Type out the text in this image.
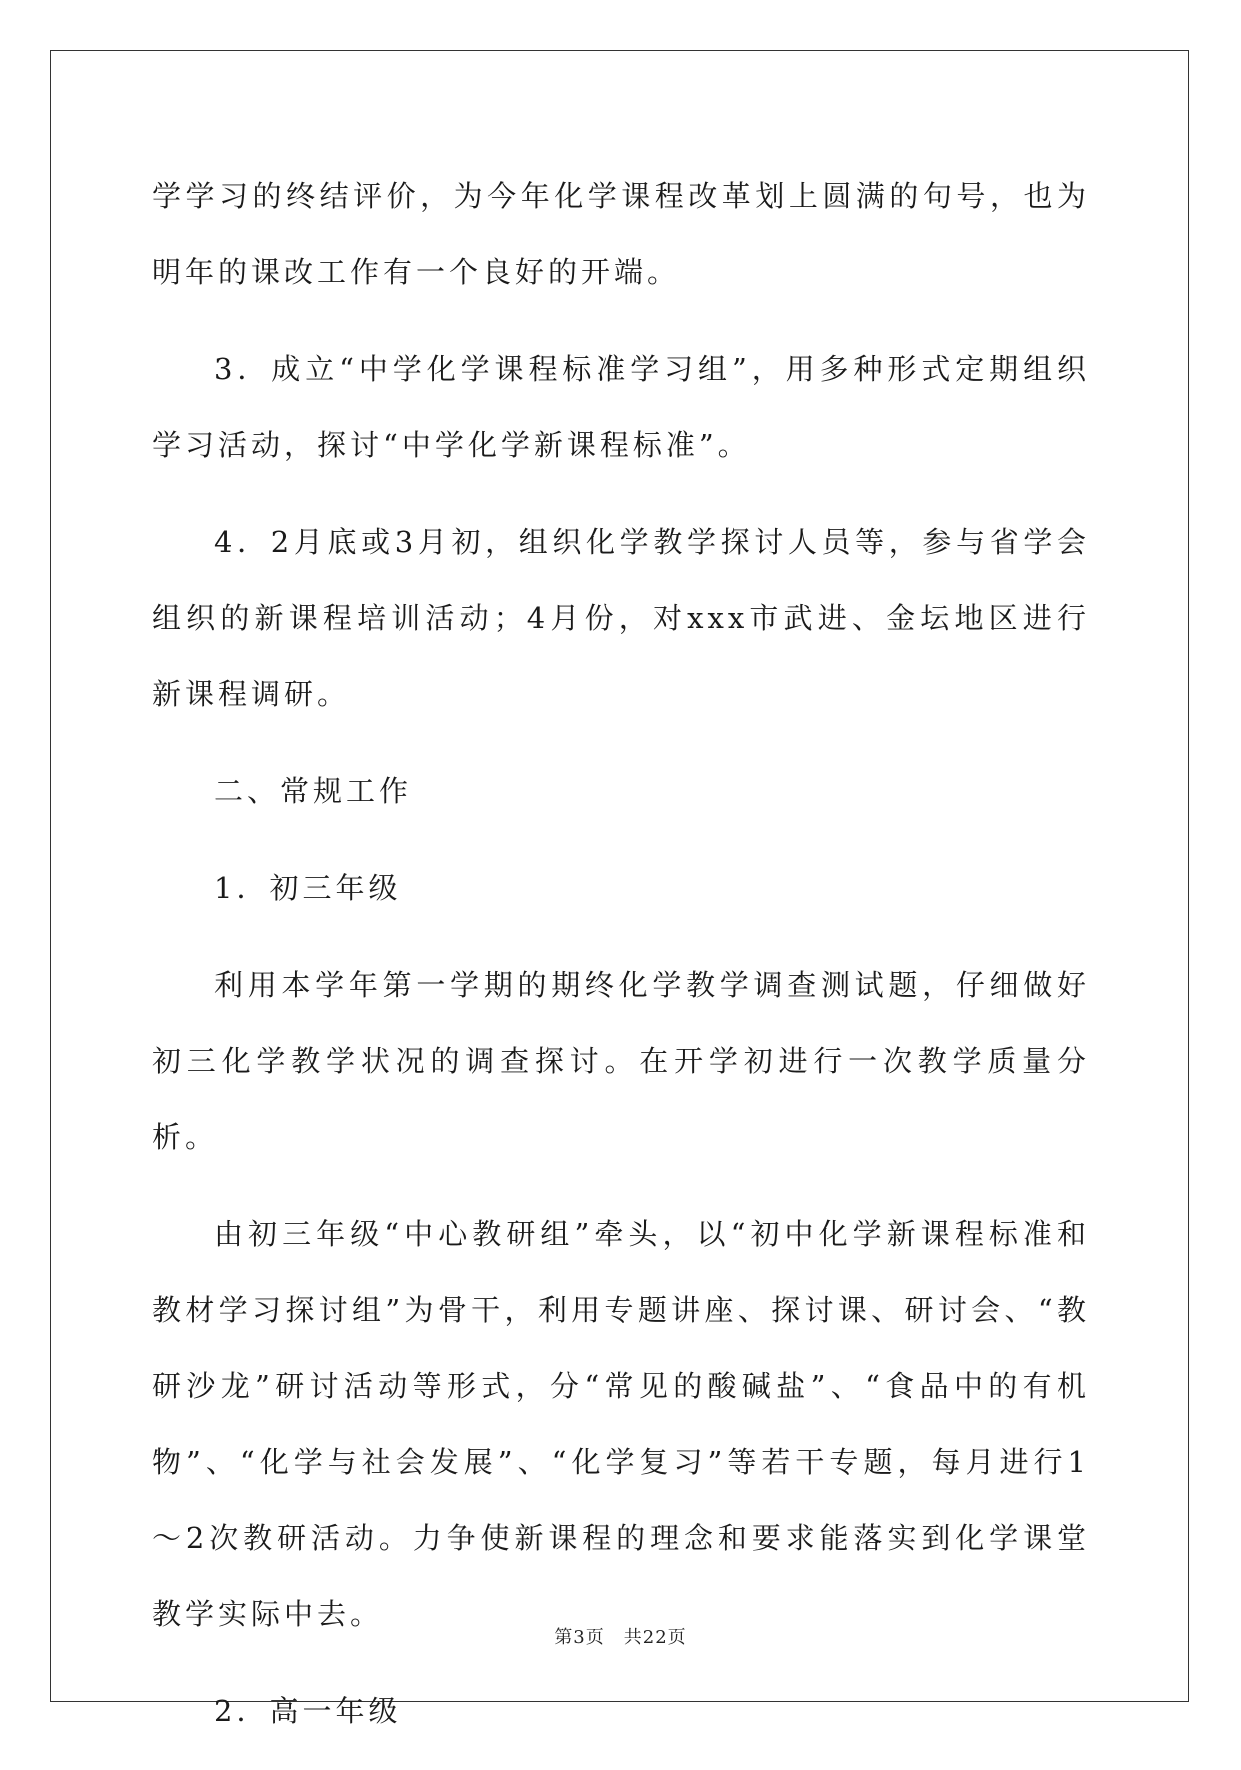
学学习的终结评价，为今年化学课程改革划上圆满的句号，也为明年的课改工作有一个良好的开端。

3．成立“中学化学课程标准学习组”，用多种形式定期组织学习活动，探讨“中学化学新课程标准”。

4．2月底或3月初，组织化学教学探讨人员等，参与省学会组织的新课程培训活动；4月份，对xxx市武进、金坛地区进行新课程调研。

二、常规工作

1．初三年级

利用本学年第一学期的期终化学教学调查测试题，仔细做好初三化学教学状况的调查探讨。在开学初进行一次教学质量分析。

由初三年级“中心教研组”牵头，以“初中化学新课程标准和教材学习探讨组”为骨干，利用专题讲座、探讨课、研讨会、“教研沙龙”研讨活动等形式，分“常见的酸碱盐”、“食品中的有机物”、“化学与社会发展”、“化学复习”等若干专题，每月进行1～2次教研活动。力争使新课程的理念和要求能落实到化学课堂教学实际中去。

2．高一年级

第3页　共22页
